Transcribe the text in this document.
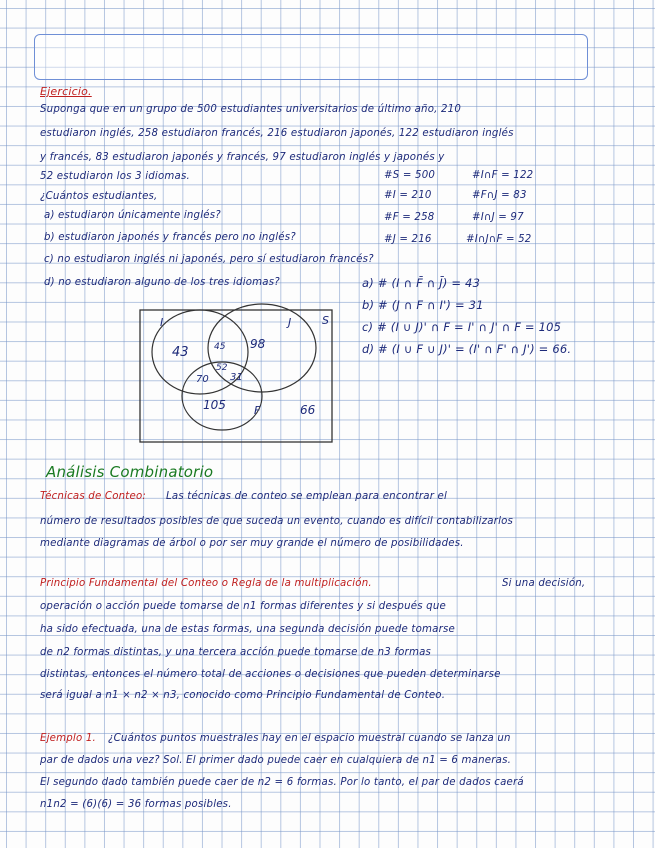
Ejercicio.
Suponga que en un grupo de 500 estudiantes universitarios de último año, 210
estudiaron inglés, 258 estudiaron francés, 216 estudiaron japonés, 122 estudiaron inglés
y francés, 83 estudiaron japonés y francés, 97 estudiaron inglés y japonés y
52 estudiaron los 3 idiomas.
¿Cuántos estudiantes,
a) estudiaron únicamente inglés?
b) estudiaron japonés y francés pero no inglés?
c) no estudiaron inglés ni japonés, pero sí estudiaron francés?
d) no estudiaron alguno de los tres idiomas?
#S = 500	#I∩F = 122
#I = 210	#F∩J = 83
#F = 258	#I∩J = 97
#J = 216	#I∩J∩F = 52
a) # (I ∩ F̄ ∩ J̄) = 43
b) # (J ∩ F ∩ I') = 31
c) # (I ∪ J)' ∩ F = I' ∩ J' ∩ F = 105
d) # (I ∪ F ∪ J)' = (I' ∩ F' ∩ J') = 66.
I	J	S
F
43	45 98
70
52
31
105	66
Análisis Combinatorio
Técnicas de Conteo: Las técnicas de conteo se emplean para encontrar el
número de resultados posibles de que suceda un evento, cuando es difícil contabilizarlos
mediante diagramas de árbol o por ser muy grande el número de posibilidades.
Principio Fundamental del Conteo o Regla de la multiplicación.	Si una decisión,
operación o acción puede tomarse de n1 formas diferentes y si después que
ha sido efectuada, una de estas formas, una segunda decisión puede tomarse
de n2 formas distintas, y una tercera acción puede tomarse de n3 formas
distintas, entonces el número total de acciones o decisiones que pueden determinarse
será igual a n1 × n2 × n3, conocido como Principio Fundamental de Conteo.
Ejemplo 1. ¿Cuántos puntos muestrales hay en el espacio muestral cuando se lanza un
par de dados una vez? Sol. El primer dado puede caer en cualquiera de n1 = 6 maneras.
El segundo dado también puede caer de n2 = 6 formas. Por lo tanto, el par de dados caerá
n1n2 = (6)(6) = 36 formas posibles.
